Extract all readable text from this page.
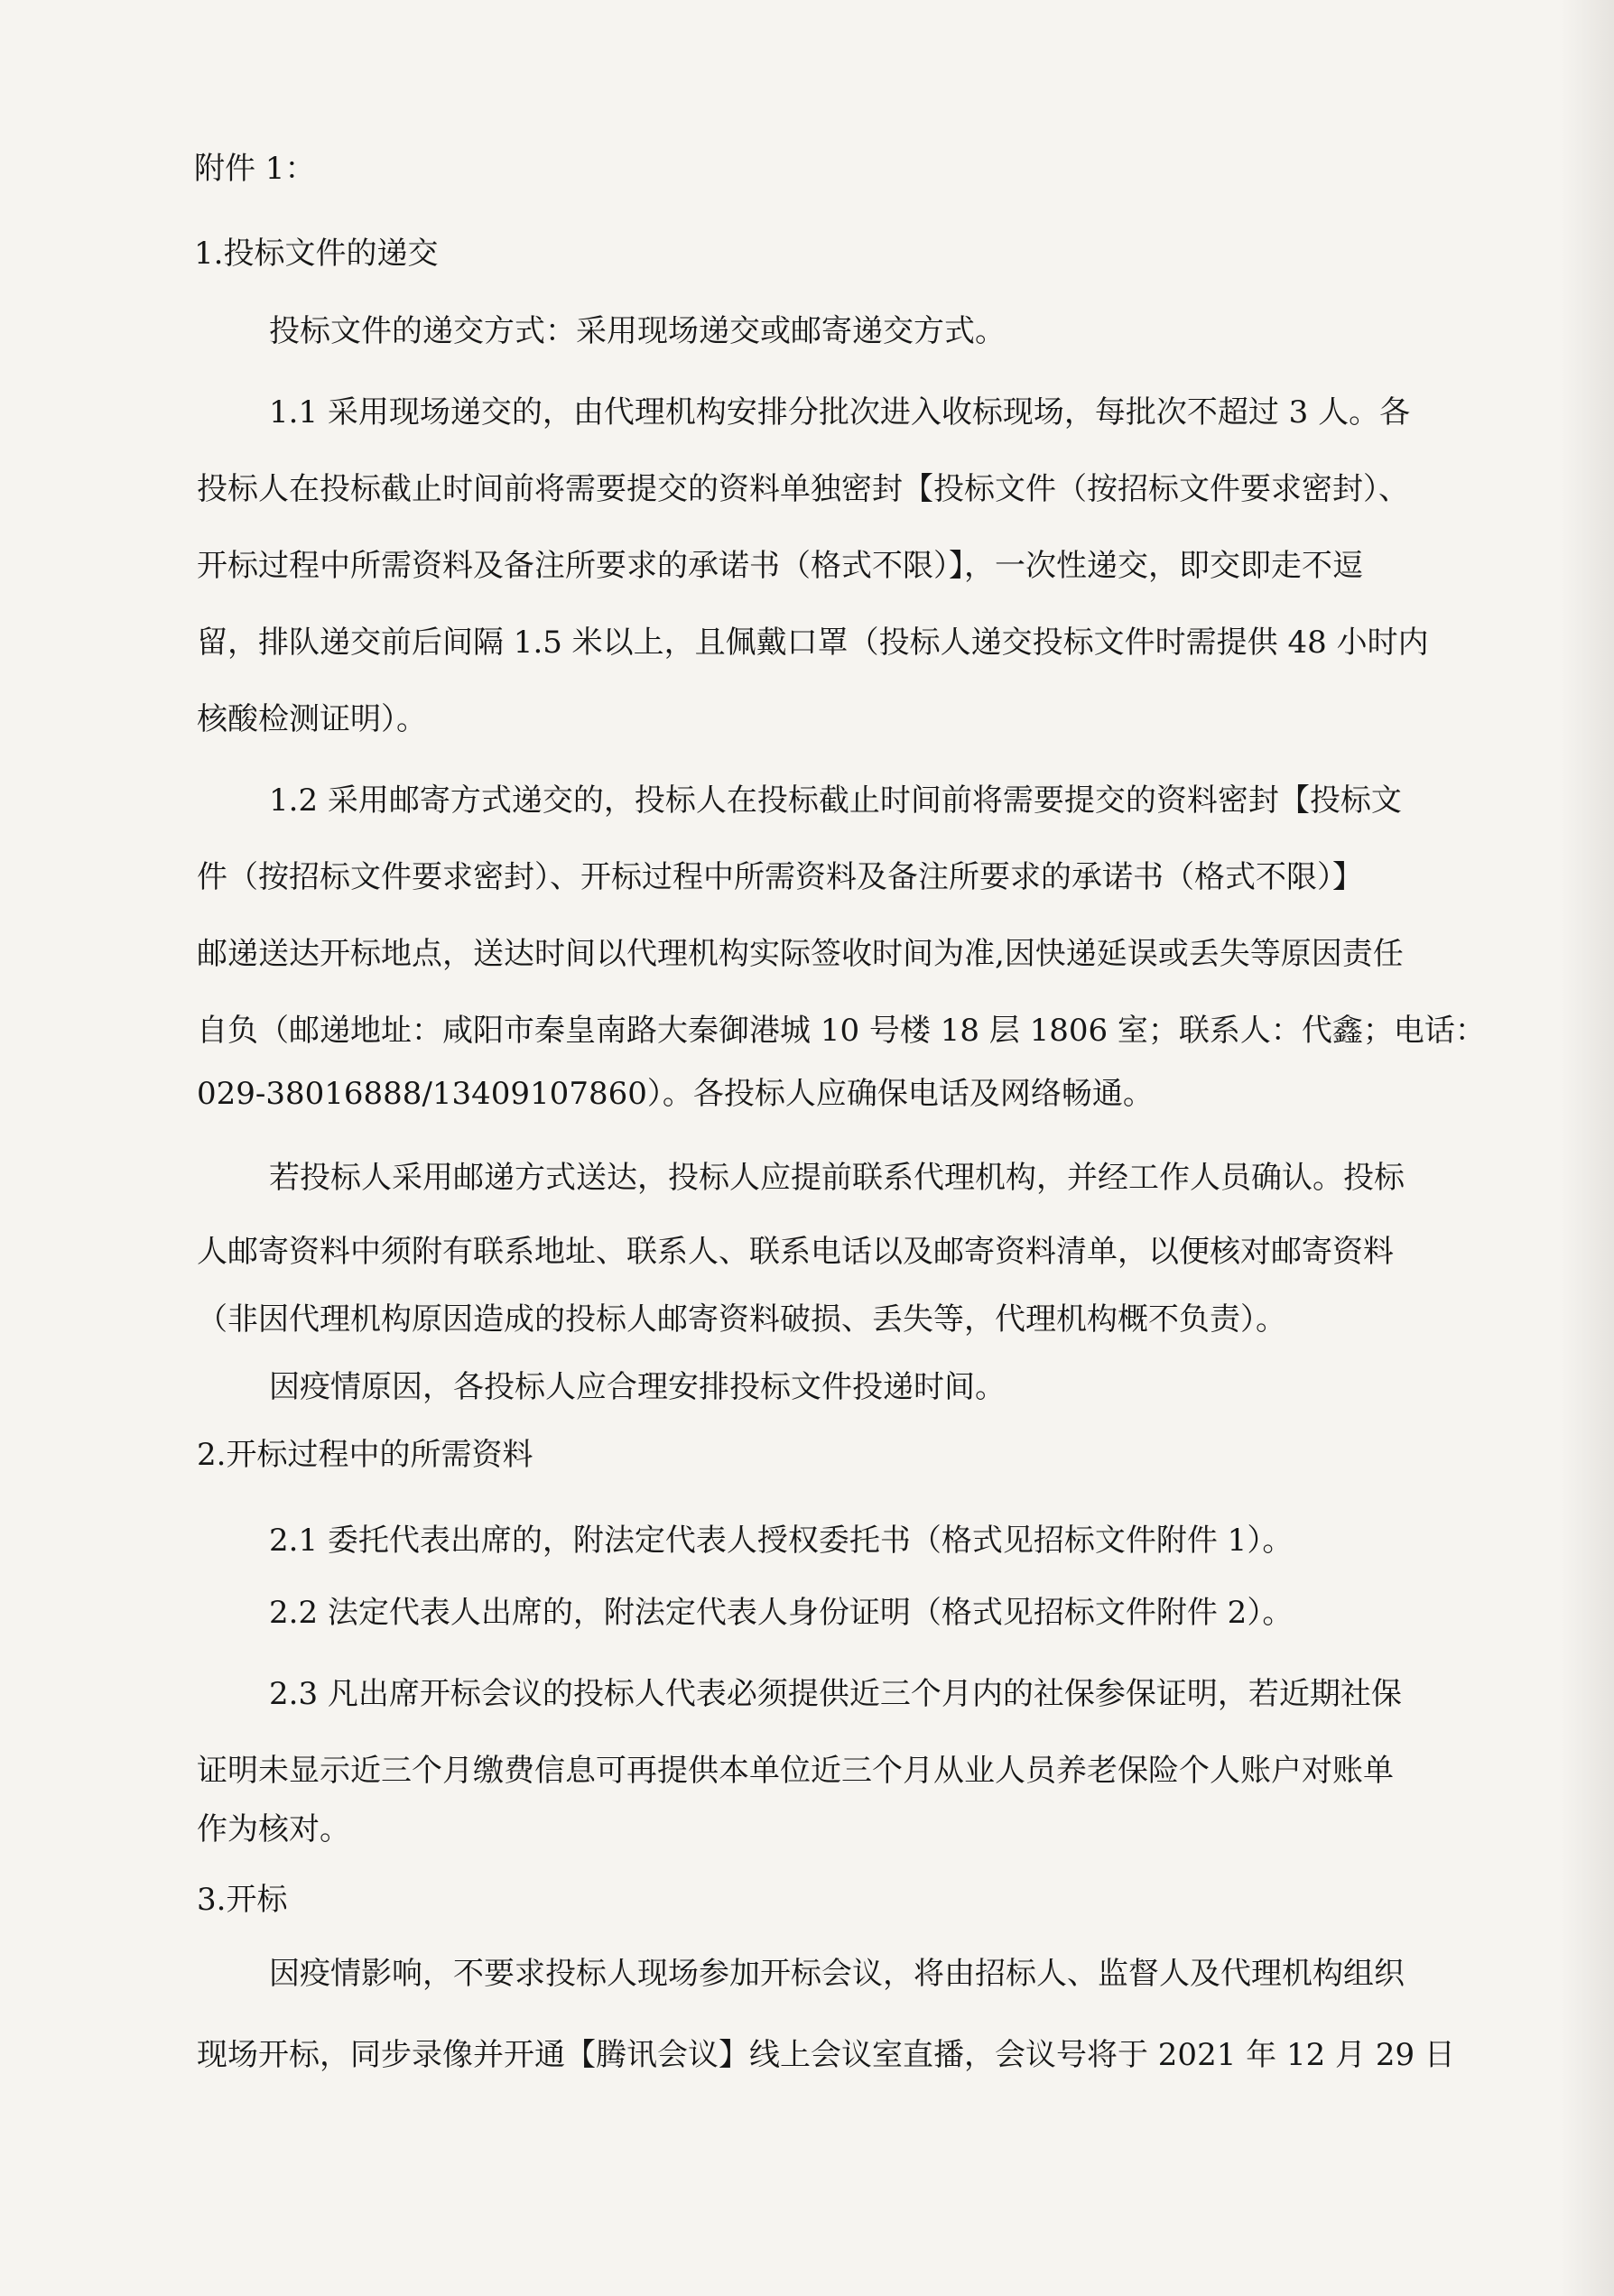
附件 1：
1.投标文件的递交
投标文件的递交方式：采用现场递交或邮寄递交方式。
1.1 采用现场递交的，由代理机构安排分批次进入收标现场，每批次不超过 3 人。各
投标人在投标截止时间前将需要提交的资料单独密封【投标文件（按招标文件要求密封）、
开标过程中所需资料及备注所要求的承诺书（格式不限）】，一次性递交，即交即走不逗
留，排队递交前后间隔 1.5 米以上，且佩戴口罩（投标人递交投标文件时需提供 48 小时内
核酸检测证明）。
1.2 采用邮寄方式递交的，投标人在投标截止时间前将需要提交的资料密封【投标文
件（按招标文件要求密封）、开标过程中所需资料及备注所要求的承诺书（格式不限）】
邮递送达开标地点，送达时间以代理机构实际签收时间为准,因快递延误或丢失等原因责任
自负（邮递地址：咸阳市秦皇南路大秦御港城 10 号楼 18 层 1806 室；联系人：代鑫；电话：
029-38016888/13409107860）。各投标人应确保电话及网络畅通。
若投标人采用邮递方式送达，投标人应提前联系代理机构，并经工作人员确认。投标
人邮寄资料中须附有联系地址、联系人、联系电话以及邮寄资料清单，以便核对邮寄资料
（非因代理机构原因造成的投标人邮寄资料破损、丢失等，代理机构概不负责）。
因疫情原因，各投标人应合理安排投标文件投递时间。
2.开标过程中的所需资料
2.1 委托代表出席的，附法定代表人授权委托书（格式见招标文件附件 1）。
2.2 法定代表人出席的，附法定代表人身份证明（格式见招标文件附件 2）。
2.3 凡出席开标会议的投标人代表必须提供近三个月内的社保参保证明，若近期社保
证明未显示近三个月缴费信息可再提供本单位近三个月从业人员养老保险个人账户对账单
作为核对。
3.开标
因疫情影响，不要求投标人现场参加开标会议，将由招标人、监督人及代理机构组织
现场开标，同步录像并开通【腾讯会议】线上会议室直播，会议号将于 2021 年 12 月 29 日
